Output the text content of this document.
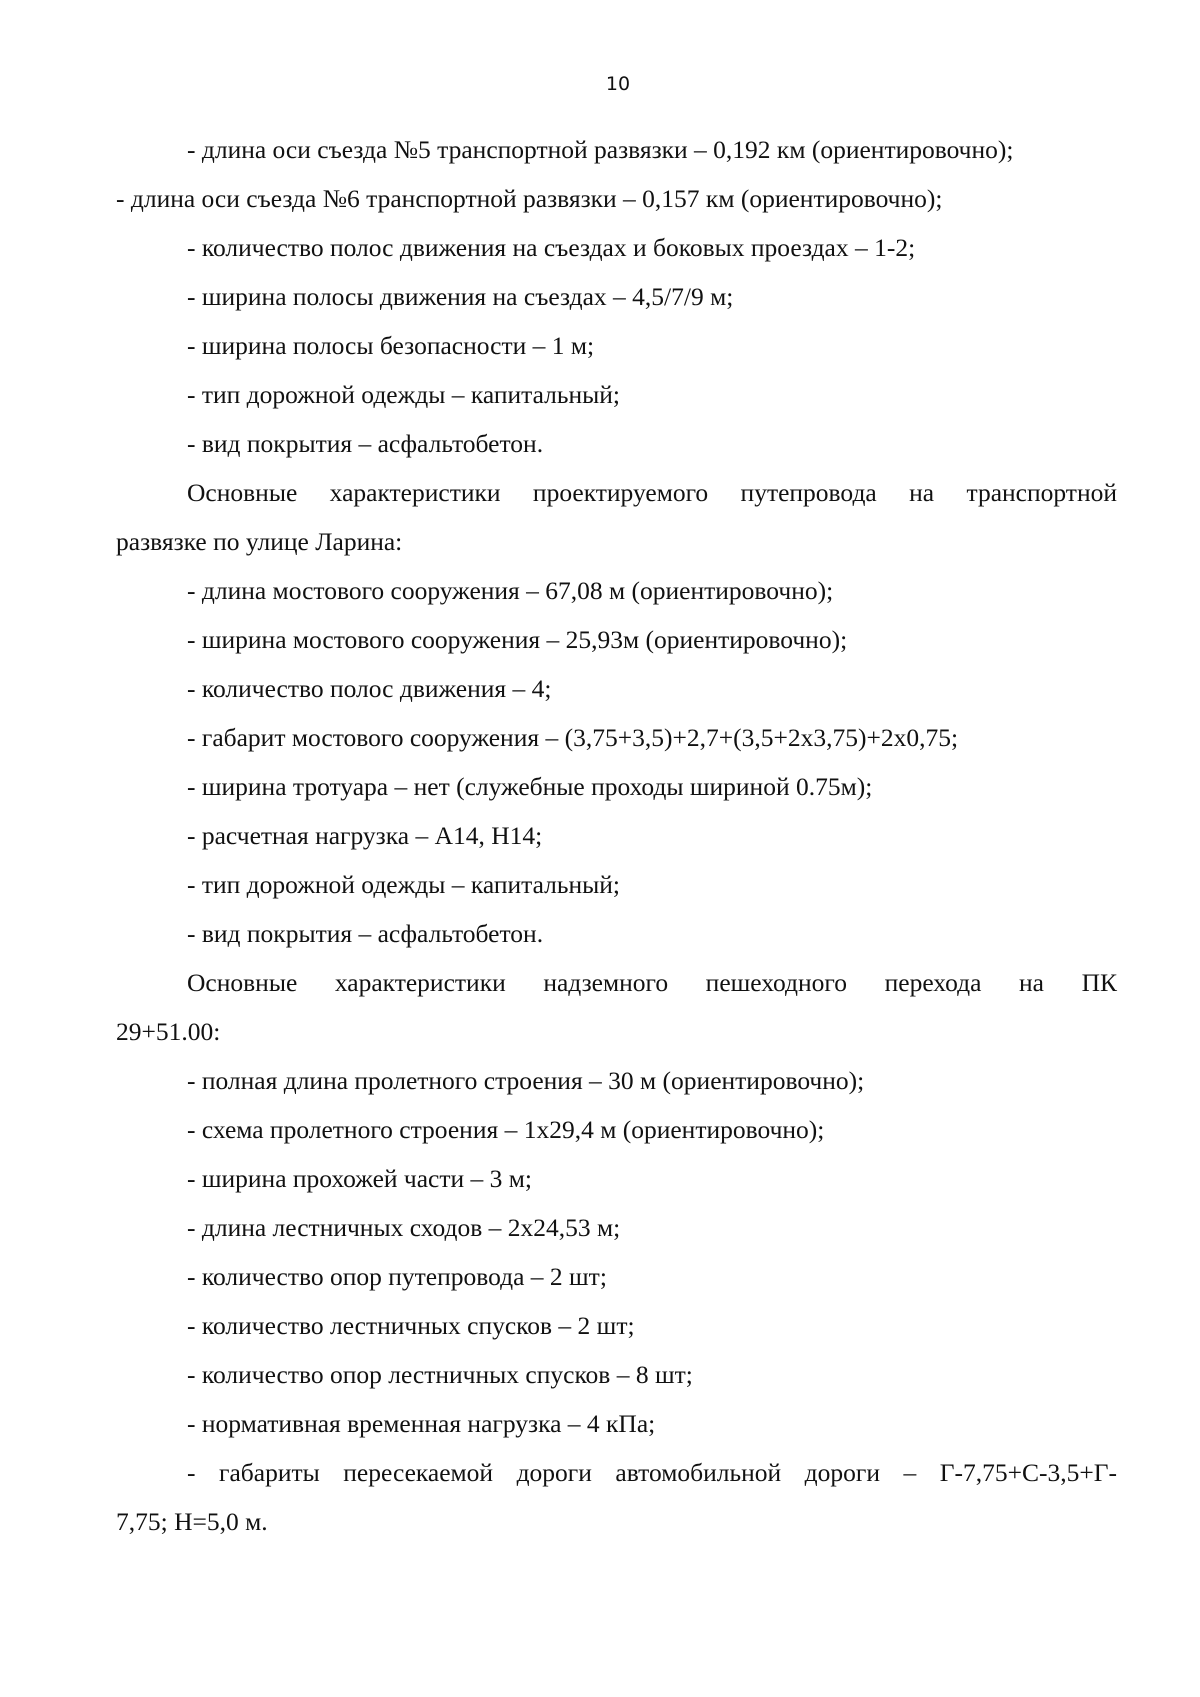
10
- длина оси съезда №5 транспортной развязки – 0,192 км (ориентировочно);
- длина оси съезда №6 транспортной развязки – 0,157 км (ориентировочно);
- количество полос движения на съездах и боковых проездах – 1-2;
- ширина полосы движения на съездах – 4,5/7/9 м;
- ширина полосы безопасности – 1 м;
- тип дорожной одежды – капитальный;
- вид покрытия – асфальтобетон.
Основные характеристики проектируемого путепровода на транспортной
развязке по улице Ларина:
- длина мостового сооружения – 67,08 м (ориентировочно);
- ширина мостового сооружения – 25,93м (ориентировочно);
- количество полос движения – 4;
- габарит мостового сооружения – (3,75+3,5)+2,7+(3,5+2х3,75)+2х0,75;
- ширина тротуара – нет (служебные проходы шириной 0.75м);
- расчетная нагрузка – А14, Н14;
- тип дорожной одежды – капитальный;
- вид покрытия – асфальтобетон.
Основные характеристики надземного пешеходного перехода на ПК
29+51.00:
- полная длина пролетного строения – 30 м (ориентировочно);
- схема пролетного строения – 1х29,4 м (ориентировочно);
- ширина прохожей части – 3 м;
- длина лестничных сходов – 2х24,53 м;
- количество опор путепровода – 2 шт;
- количество лестничных спусков – 2 шт;
- количество опор лестничных спусков – 8 шт;
- нормативная временная нагрузка – 4 кПа;
- габариты пересекаемой дороги автомобильной дороги – Г-7,75+С-3,5+Г-
7,75; Н=5,0 м.
